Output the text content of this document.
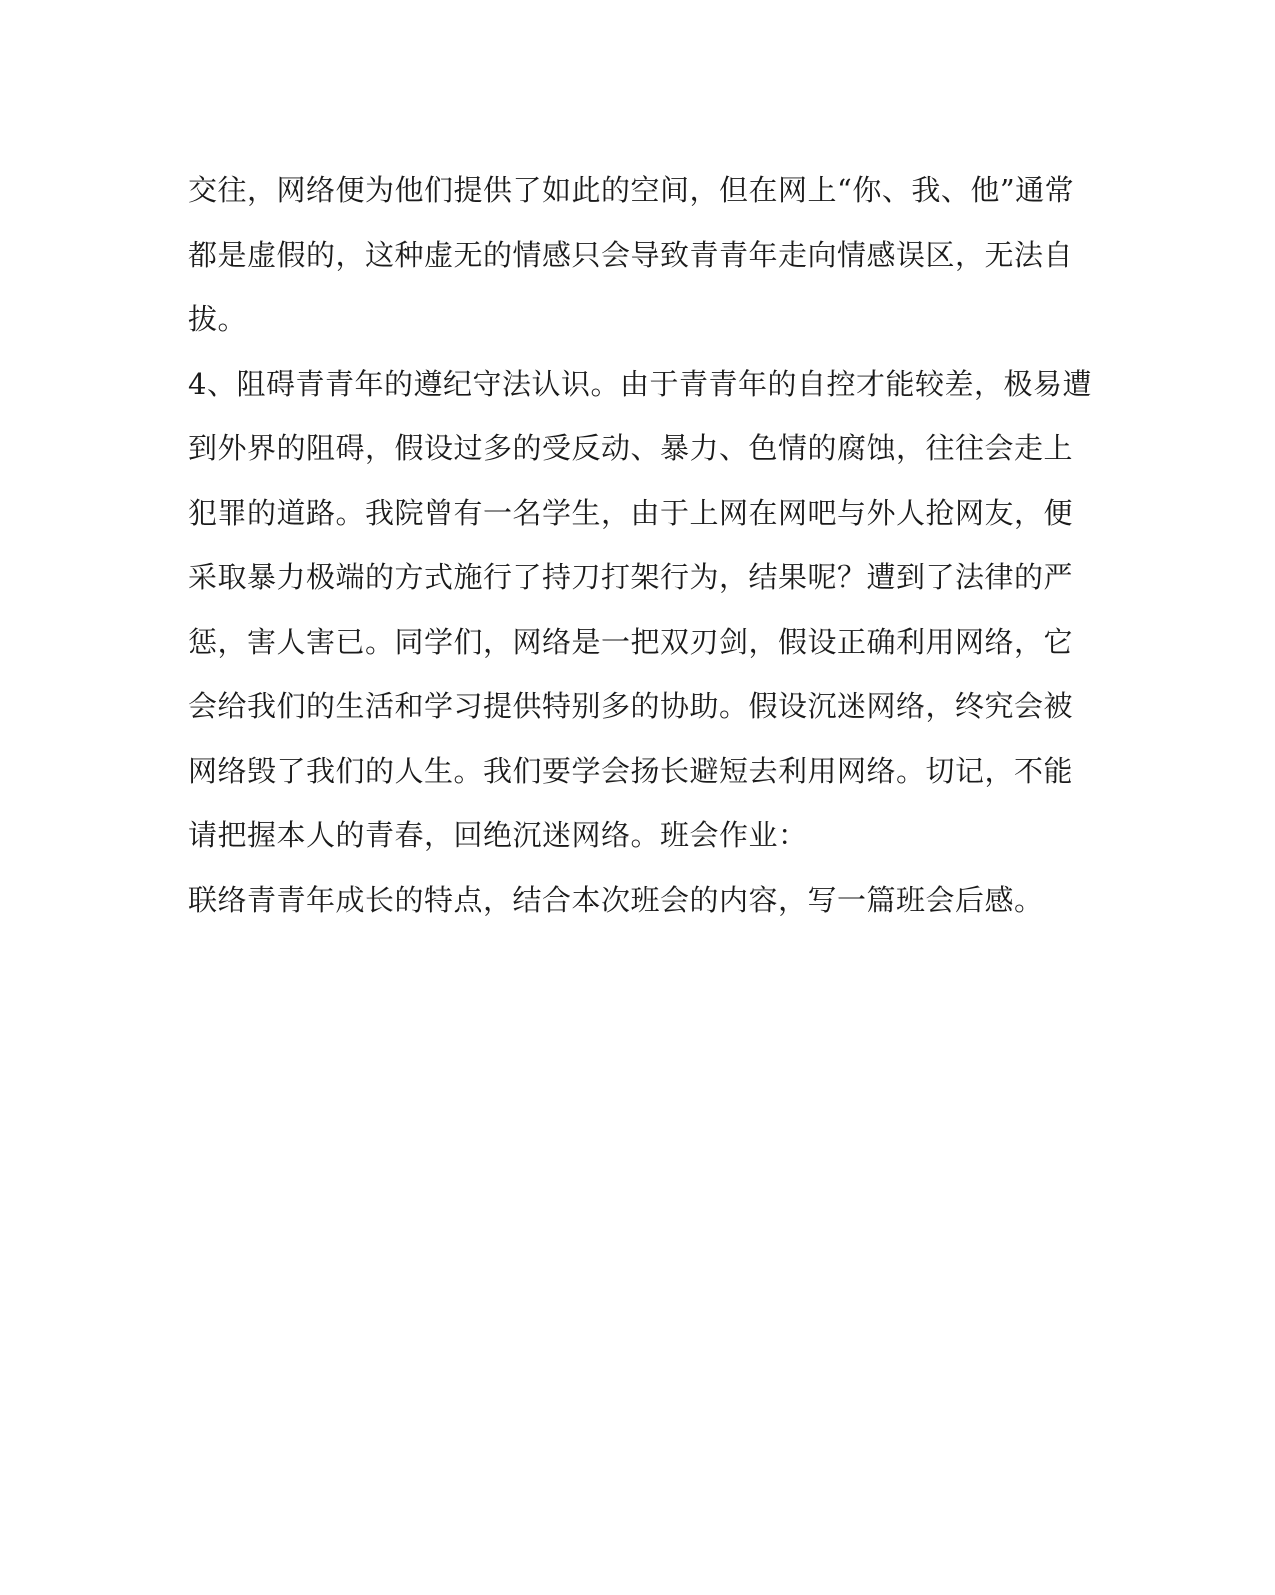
交往，网络便为他们提供了如此的空间，但在网上“你、我、他”通常
都是虚假的，这种虚无的情感只会导致青青年走向情感误区，无法自
拔。
4、阻碍青青年的遵纪守法认识。由于青青年的自控才能较差，极易遭
到外界的阻碍，假设过多的受反动、暴力、色情的腐蚀，往往会走上
犯罪的道路。我院曾有一名学生，由于上网在网吧与外人抢网友，便
采取暴力极端的方式施行了持刀打架行为，结果呢？遭到了法律的严
惩，害人害已。同学们，网络是一把双刃剑，假设正确利用网络，它
会给我们的生活和学习提供特别多的协助。假设沉迷网络，终究会被
网络毁了我们的人生。我们要学会扬长避短去利用网络。切记，不能
请把握本人的青春，回绝沉迷网络。班会作业：
联络青青年成长的特点，结合本次班会的内容，写一篇班会后感。
